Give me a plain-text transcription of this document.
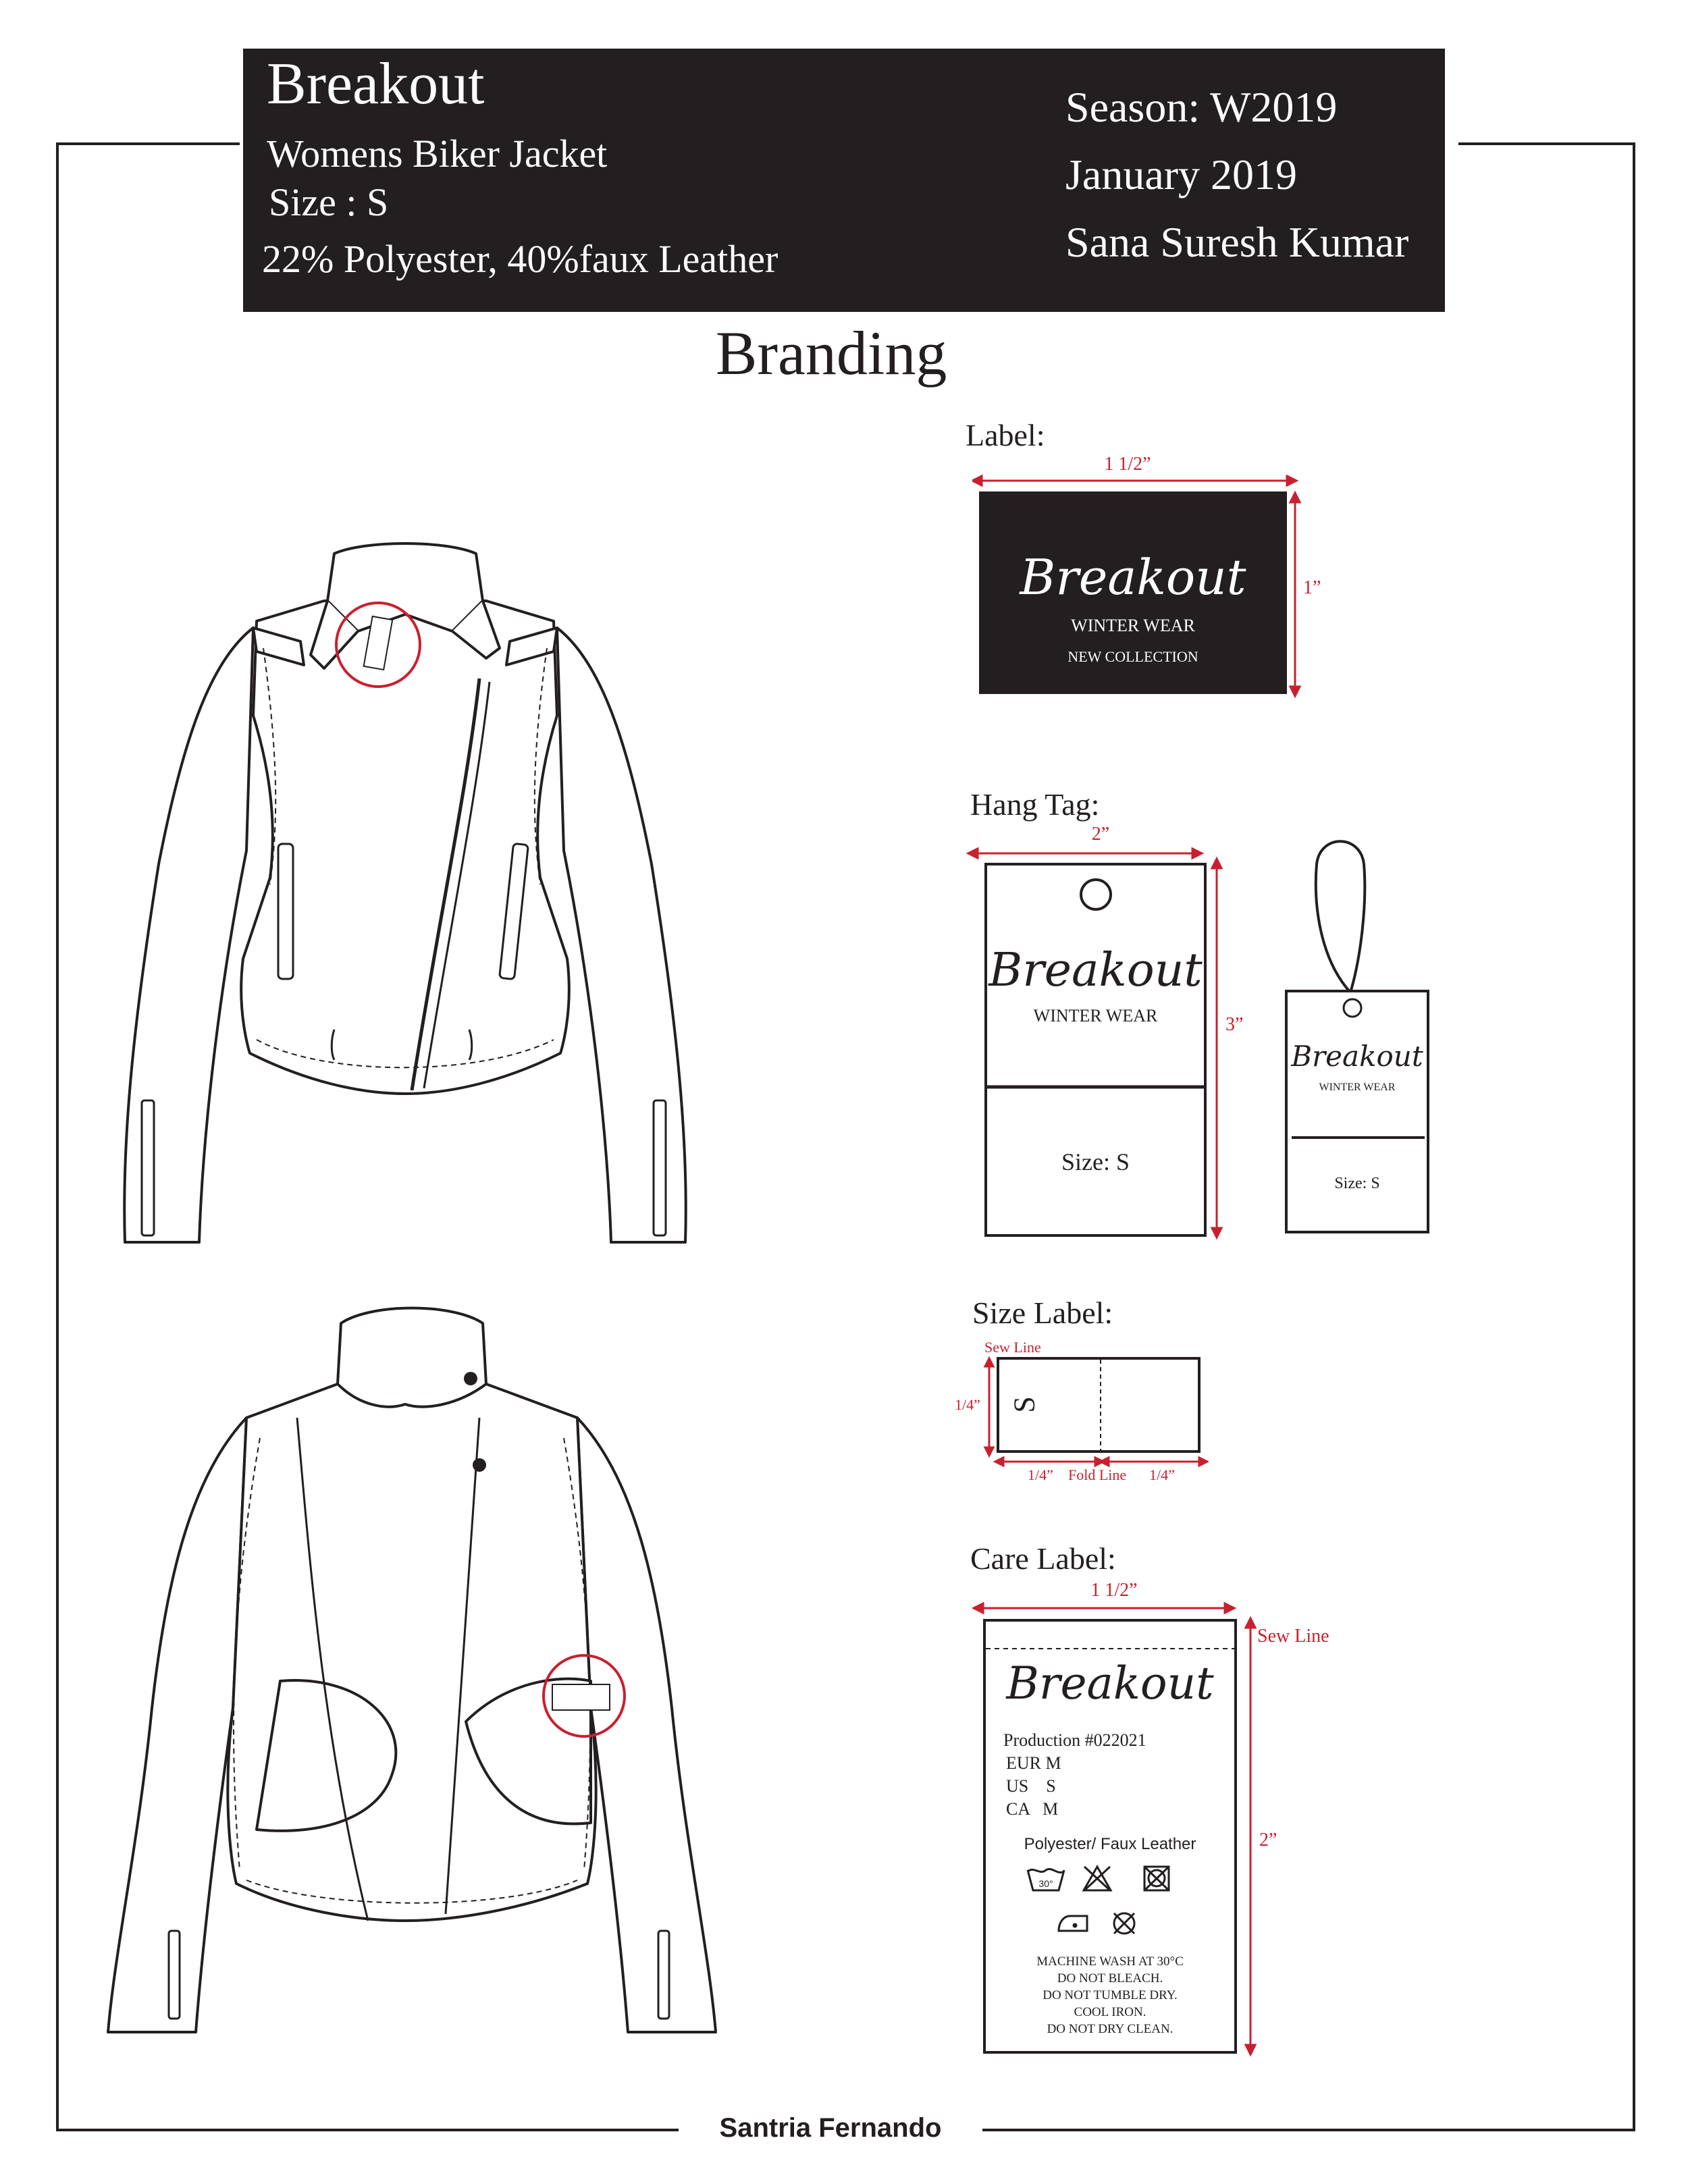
Breakout
Womens Biker Jacket
Size : S
22% Polyester, 40%faux Leather
Season: W2019
January 2019
Sana Suresh Kumar
Branding
Label:
1 1/2”
1”
Breakout
WINTER WEAR
NEW COLLECTION
Hang Tag:
2”
3”
Breakout
WINTER WEAR
Size: S
Breakout
WINTER WEAR
Size: S
Size Label:
Sew Line
1/4”
1/4” Fold Line 1/4”
S
Care Label:
1 1/2”
Sew Line
2”
30°
Breakout
Production #022021
EUR M
US    S
CA   M
Polyester/ Faux Leather
MACHINE WASH AT 30°C
DO NOT BLEACH.
DO NOT TUMBLE DRY.
COOL IRON.
DO NOT DRY CLEAN.
Santria Fernando
